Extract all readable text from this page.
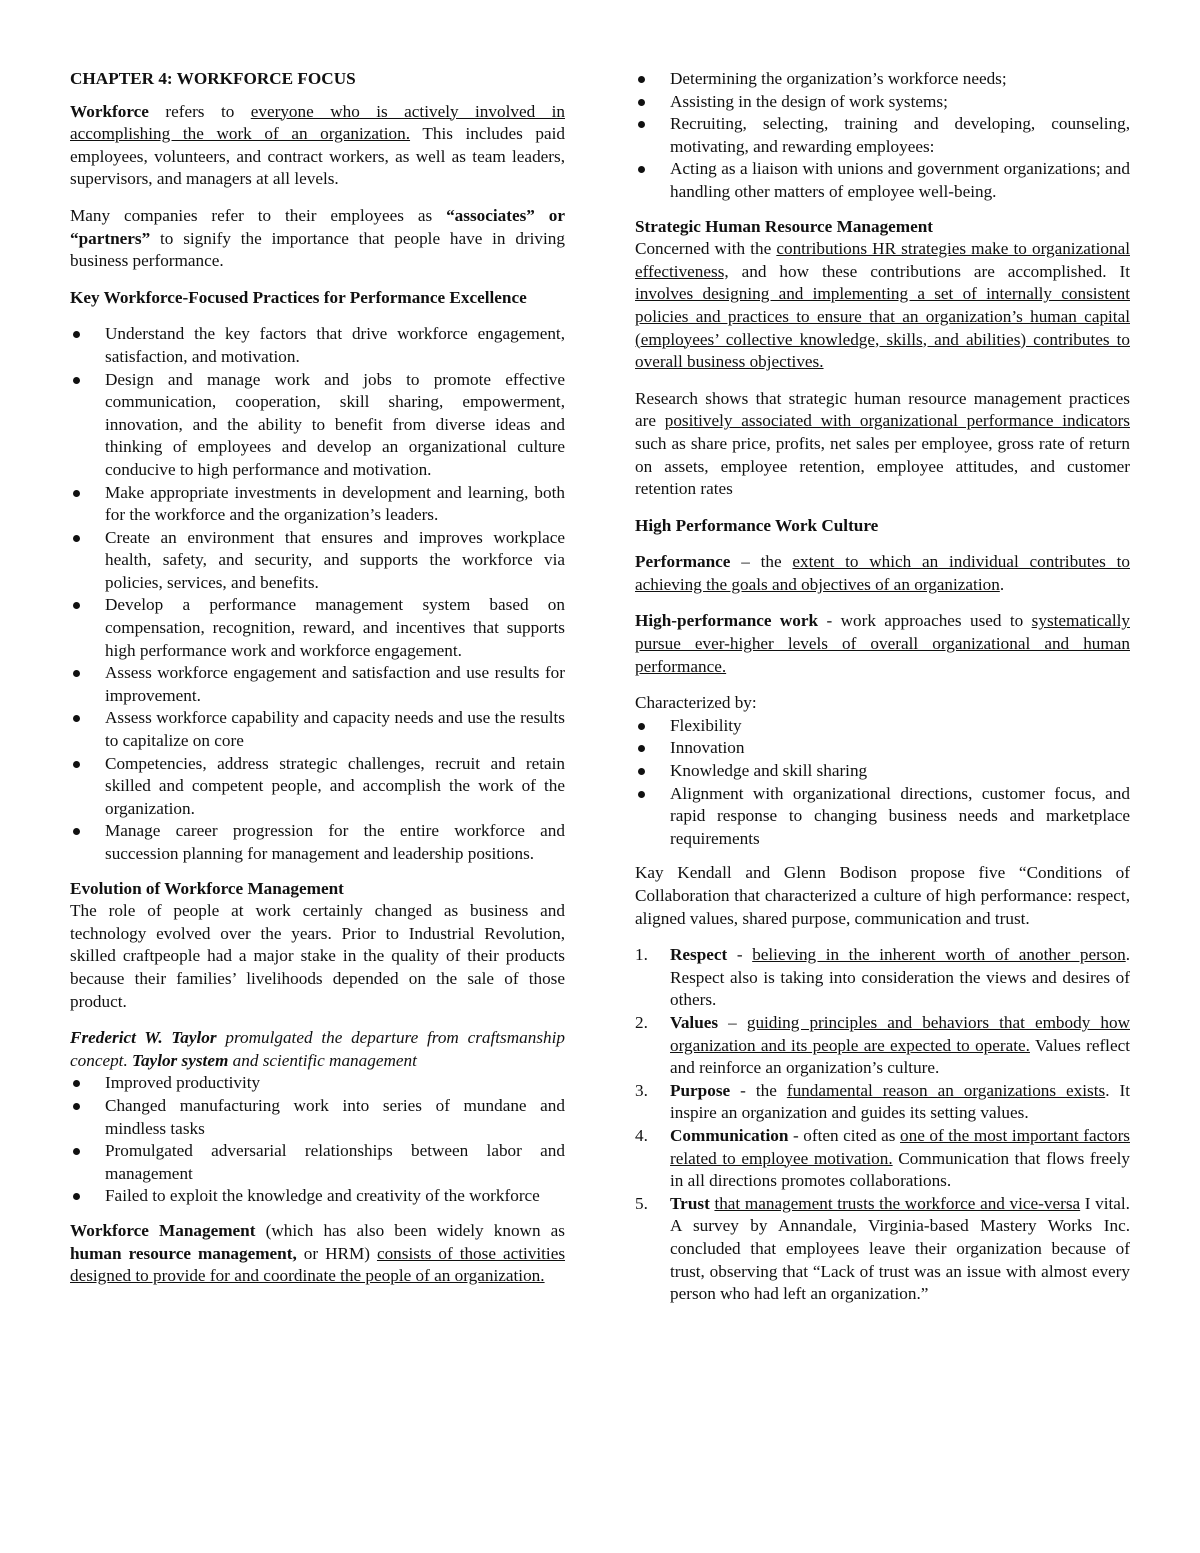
CHAPTER 4: WORKFORCE FOCUS

Workforce refers to everyone who is actively involved in accomplishing the work of an organization. This includes paid employees, volunteers, and contract workers, as well as team leaders, supervisors, and managers at all levels.

Many companies refer to their employees as “associates” or “partners” to signify the importance that people have in driving business performance.

Key Workforce-Focused Practices for Performance Excellence

Understand the key factors that drive workforce engagement, satisfaction, and motivation.
Design and manage work and jobs to promote effective communication, cooperation, skill sharing, empowerment, innovation, and the ability to benefit from diverse ideas and thinking of employees and develop an organizational culture conducive to high performance and motivation.
Make appropriate investments in development and learning, both for the workforce and the organization’s leaders.
Create an environment that ensures and improves workplace health, safety, and security, and supports the workforce via policies, services, and benefits.
Develop a performance management system based on compensation, recognition, reward, and incentives that supports high performance work and workforce engagement.
Assess workforce engagement and satisfaction and use results for improvement.
Assess workforce capability and capacity needs and use the results to capitalize on core
Competencies, address strategic challenges, recruit and retain skilled and competent people, and accomplish the work of the organization.
Manage career progression for the entire workforce and succession planning for management and leadership positions.

Evolution of Workforce Management

The role of people at work certainly changed as business and technology evolved over the years. Prior to Industrial Revolution, skilled craftpeople had a major stake in the quality of their products because their families’ livelihoods depended on the sale of those product.

Frederict W. Taylor promulgated the departure from craftsmanship concept. Taylor system and scientific management

Improved productivity
Changed manufacturing work into series of mundane and mindless tasks
Promulgated adversarial relationships between labor and management
Failed to exploit the knowledge and creativity of the workforce

Workforce Management (which has also been widely known as human resource management, or HRM) consists of those activities designed to provide for and coordinate the people of an organization.

Determining the organization’s workforce needs;
Assisting in the design of work systems;
Recruiting, selecting, training and developing, counseling, motivating, and rewarding employees:
Acting as a liaison with unions and government organizations; and handling other matters of employee well-being.

Strategic Human Resource Management

Concerned with the contributions HR strategies make to organizational effectiveness, and how these contributions are accomplished. It involves designing and implementing a set of internally consistent policies and practices to ensure that an organization’s human capital (employees’ collective knowledge, skills, and abilities) contributes to overall business objectives.

Research shows that strategic human resource management practices are positively associated with organizational performance indicators such as share price, profits, net sales per employee, gross rate of return on assets, employee retention, employee attitudes, and customer retention rates

High Performance Work Culture

Performance – the extent to which an individual contributes to achieving the goals and objectives of an organization.

High-performance work - work approaches used to systematically pursue ever-higher levels of overall organizational and human performance.

Characterized by:

Flexibility
Innovation
Knowledge and skill sharing
Alignment with organizational directions, customer focus, and rapid response to changing business needs and marketplace requirements

Kay Kendall and Glenn Bodison propose five “Conditions of Collaboration that characterized a culture of high performance: respect, aligned values, shared purpose, communication and trust.

1. Respect - believing in the inherent worth of another person. Respect also is taking into consideration the views and desires of others.
2. Values – guiding principles and behaviors that embody how organization and its people are expected to operate. Values reflect and reinforce an organization’s culture.
3. Purpose - the fundamental reason an organizations exists. It inspire an organization and guides its setting values.
4. Communication - often cited as one of the most important factors related to employee motivation. Communication that flows freely in all directions promotes collaborations.
5. Trust that management trusts the workforce and vice-versa I vital. A survey by Annandale, Virginia-based Mastery Works Inc. concluded that employees leave their organization because of trust, observing that “Lack of trust was an issue with almost every person who had left an organization.”
